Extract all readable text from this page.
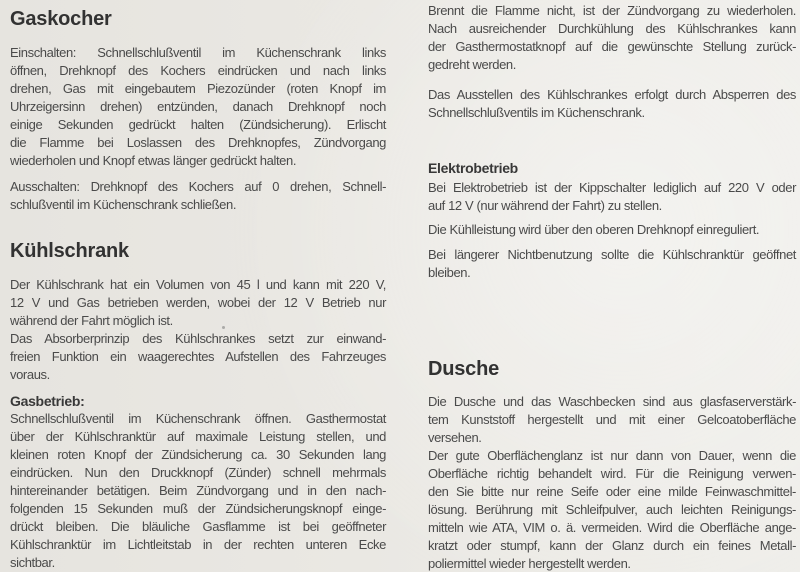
Gaskocher
Einschalten: Schnellschlußventil im Küchenschrank links
öffnen, Drehknopf des Kochers eindrücken und nach links
drehen, Gas mit eingebautem Piezozünder (roten Knopf im
Uhrzeigersinn drehen) entzünden, danach Drehknopf noch
einige Sekunden gedrückt halten (Zündsicherung). Erlischt
die Flamme bei Loslassen des Drehknopfes, Zündvorgang
wiederholen und Knopf etwas länger gedrückt halten.
Ausschalten: Drehknopf des Kochers auf 0 drehen, Schnell-
schlußventil im Küchenschrank schließen.
Kühlschrank
Der Kühlschrank hat ein Volumen von 45 l und kann mit 220 V,
12 V und Gas betrieben werden, wobei der 12 V Betrieb nur
während der Fahrt möglich ist.
Das Absorberprinzip des Kühlschrankes setzt zur einwand-
freien Funktion ein waagerechtes Aufstellen des Fahrzeuges
voraus.
Gasbetrieb:
Schnellschlußventil im Küchenschrank öffnen. Gasthermostat
über der Kühlschranktür auf maximale Leistung stellen, und
kleinen roten Knopf der Zündsicherung ca. 30 Sekunden lang
eindrücken. Nun den Druckknopf (Zünder) schnell mehrmals
hintereinander betätigen. Beim Zündvorgang und in den nach-
folgenden 15 Sekunden muß der Zündsicherungsknopf einge-
drückt bleiben. Die bläuliche Gasflamme ist bei geöffneter
Kühlschranktür im Lichtleitstab in der rechten unteren Ecke
sichtbar.
Brennt die Flamme nicht, ist der Zündvorgang zu wiederholen.
Nach ausreichender Durchkühlung des Kühlschrankes kann
der Gasthermostatknopf auf die gewünschte Stellung zurück-
gedreht werden.
Das Ausstellen des Kühlschrankes erfolgt durch Absperren des
Schnellschlußventils im Küchenschrank.
Elektrobetrieb
Bei Elektrobetrieb ist der Kippschalter lediglich auf 220 V oder
auf 12 V (nur während der Fahrt) zu stellen.
Die Kühlleistung wird über den oberen Drehknopf einreguliert.
Bei längerer Nichtbenutzung sollte die Kühlschranktür geöffnet
bleiben.
Dusche
Die Dusche und das Waschbecken sind aus glasfaserverstärk-
tem Kunststoff hergestellt und mit einer Gelcoatoberfläche
versehen.
Der gute Oberflächenglanz ist nur dann von Dauer, wenn die
Oberfläche richtig behandelt wird. Für die Reinigung verwen-
den Sie bitte nur reine Seife oder eine milde Feinwaschmittel-
lösung. Berührung mit Schleifpulver, auch leichten Reinigungs-
mitteln wie ATA, VIM o. ä. vermeiden. Wird die Oberfläche ange-
kratzt oder stumpf, kann der Glanz durch ein feines Metall-
poliermittel wieder hergestellt werden.
